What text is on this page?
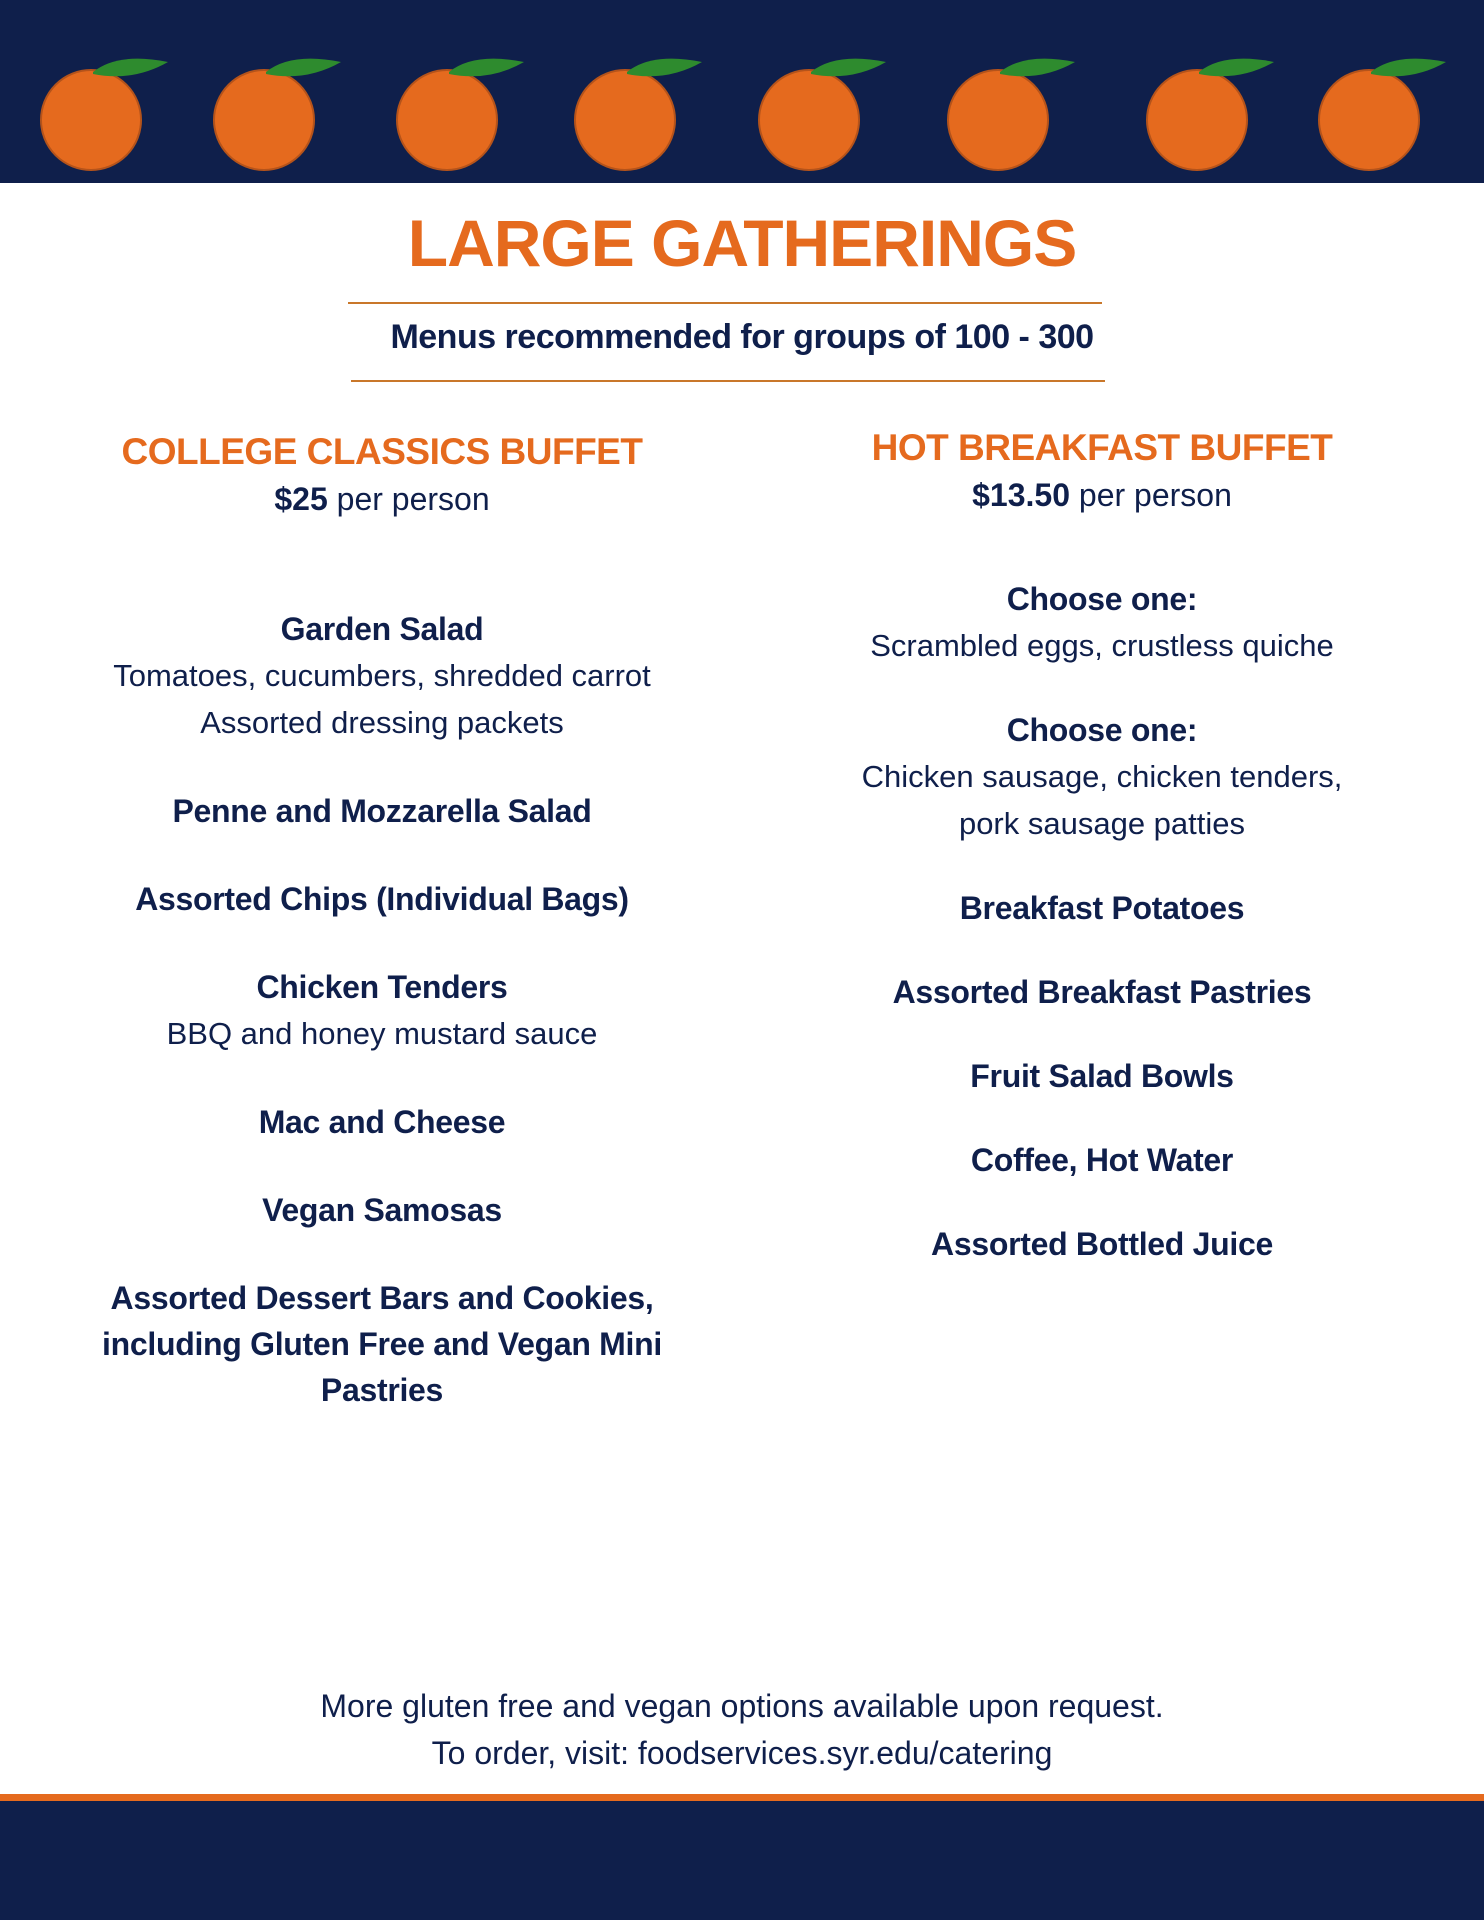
LARGE GATHERINGS
Menus recommended for groups of 100 - 300
COLLEGE CLASSICS BUFFET
$25 per person
Garden Salad
Tomatoes, cucumbers, shredded carrot
Assorted dressing packets
Penne and Mozzarella Salad
Assorted Chips (Individual Bags)
Chicken Tenders
BBQ and honey mustard sauce
Mac and Cheese
Vegan Samosas
Assorted Dessert Bars and Cookies, including Gluten Free and Vegan Mini Pastries
HOT BREAKFAST BUFFET
$13.50 per person
Choose one:
Scrambled eggs, crustless quiche
Choose one:
Chicken sausage, chicken tenders,
pork sausage patties
Breakfast Potatoes
Assorted Breakfast Pastries
Fruit Salad Bowls
Coffee, Hot Water
Assorted Bottled Juice
More gluten free and vegan options available upon request.
To order, visit: foodservices.syr.edu/catering
